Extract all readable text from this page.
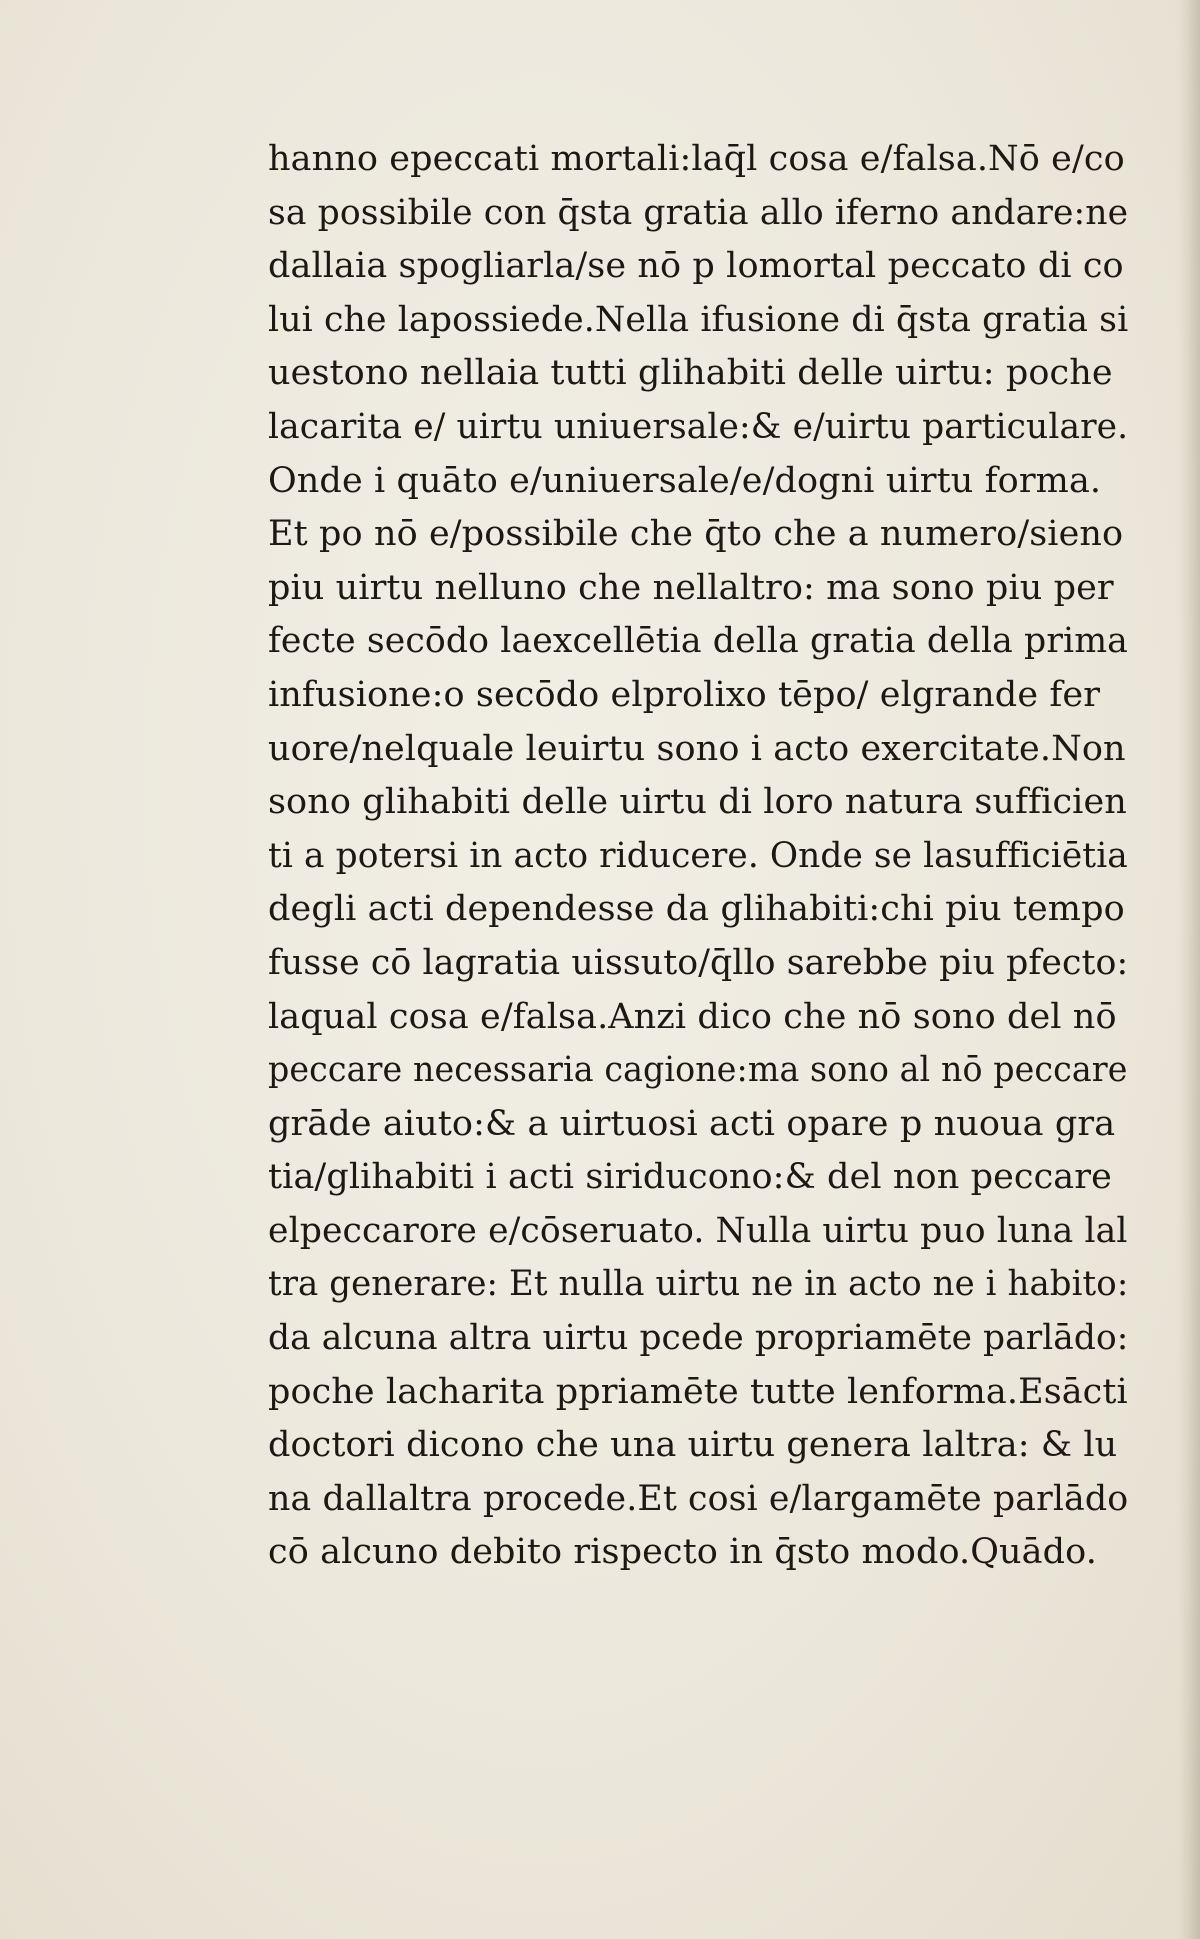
hanno epeccati mortali:laq̄l cosa e/falsa.Nō e/co
sa possibile con q̄sta gratia allo iferno andare:ne
dallaia spogliarla/se nō p lomortal peccato di co
lui che lapossiede.Nella ifusione di q̄sta gratia si
uestono nellaia tutti glihabiti delle uirtu: poche
lacarita e/ uirtu uniuersale:& e/uirtu particulare.
Onde i quāto e/uniuersale/e/dogni uirtu forma.
Et po nō e/possibile che q̄to che a numero/sieno
piu uirtu nelluno che nellaltro: ma sono piu per
fecte secōdo laexcellētia della gratia della prima
infusione:o secōdo elprolixo tēpo/ elgrande fer
uore/nelquale leuirtu sono i acto exercitate.Non
sono glihabiti delle uirtu di loro natura sufficien
ti a potersi in acto riducere. Onde se lasufficiētia
degli acti dependesse da glihabiti:chi piu tempo
fusse cō lagratia uissuto/q̄llo sarebbe piu pfecto:
laqual cosa e/falsa.Anzi dico che nō sono del nō
peccare necessaria cagione:ma sono al nō peccare
grāde aiuto:& a uirtuosi acti opare p nuoua gra
tia/glihabiti i acti siriducono:& del non peccare
elpeccarore e/cōseruato. Nulla uirtu puo luna lal
tra generare: Et nulla uirtu ne in acto ne i habito:
da alcuna altra uirtu pcede propriamēte parlādo:
poche lacharita ppriamēte tutte lenforma.Esācti
doctori dicono che una uirtu genera laltra: & lu
na dallaltra procede.Et cosi e/largamēte parlādo
cō alcuno debito rispecto in q̄sto modo.Quādo.
